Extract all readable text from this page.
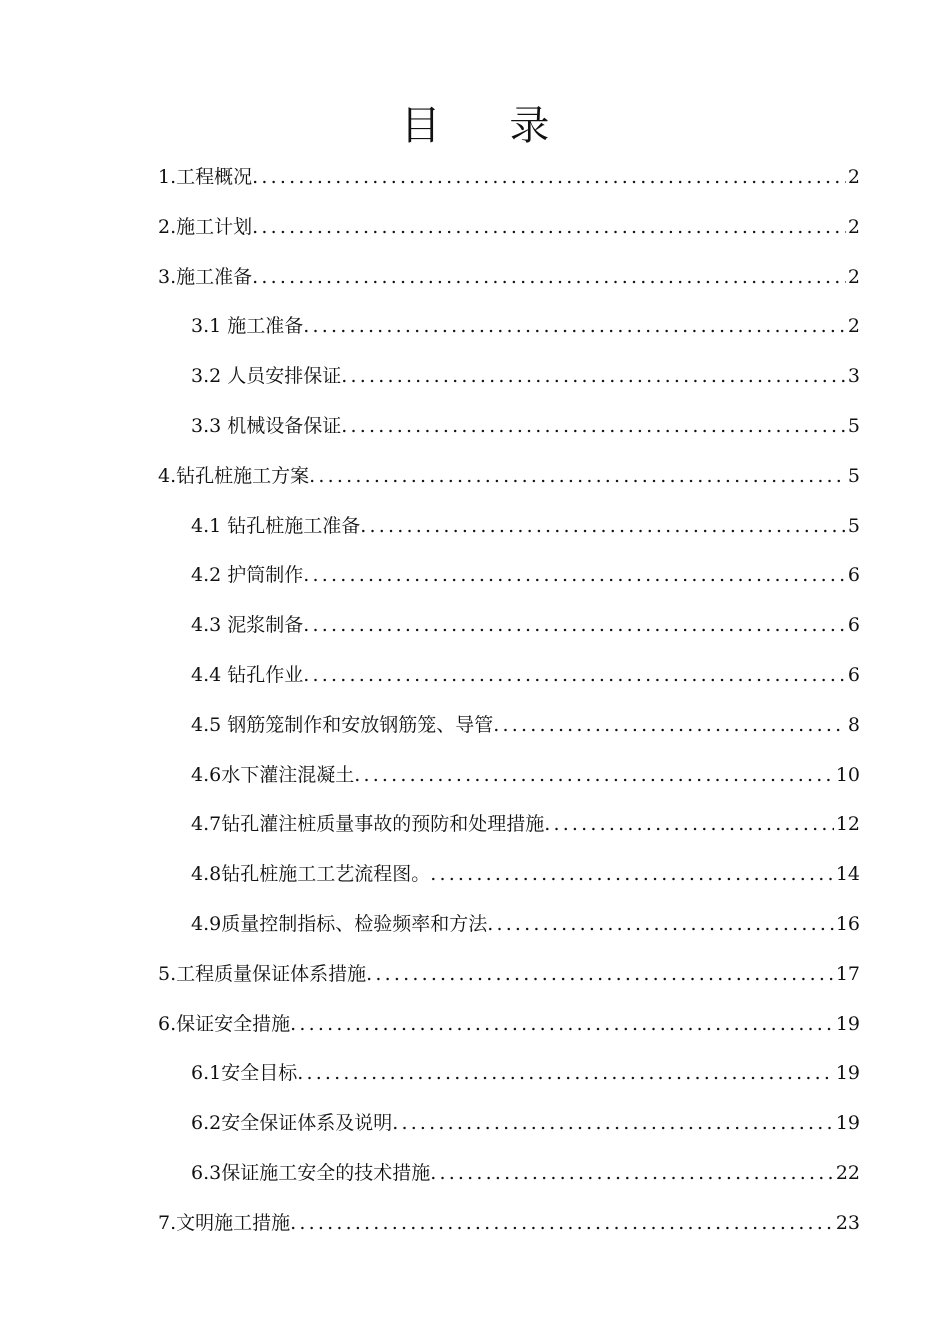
目 录
1.工程概况 .....	2
2.施工计划 .....	2
3.施工准备 .....	2
3.1 施工准备 .....	2
3.2 人员安排保证 .....	3
3.3 机械设备保证 .....	5
4.钻孔桩施工方案 .....	5
4.1 钻孔桩施工准备 .....	5
4.2 护筒制作 .....	6
4.3 泥浆制备 .....	6
4.4 钻孔作业 .....	6
4.5 钢筋笼制作和安放钢筋笼、导管 .....	8
4.6水下灌注混凝土 .....	10
4.7钻孔灌注桩质量事故的预防和处理措施 .....	12
4.8钻孔桩施工工艺流程图。 .....	14
4.9质量控制指标、检验频率和方法 .....	16
5.工程质量保证体系措施 .....	17
6.保证安全措施 .....	19
6.1安全目标 .....	19
6.2安全保证体系及说明 .....	19
6.3保证施工安全的技术措施 .....	22
7.文明施工措施 .....	23
